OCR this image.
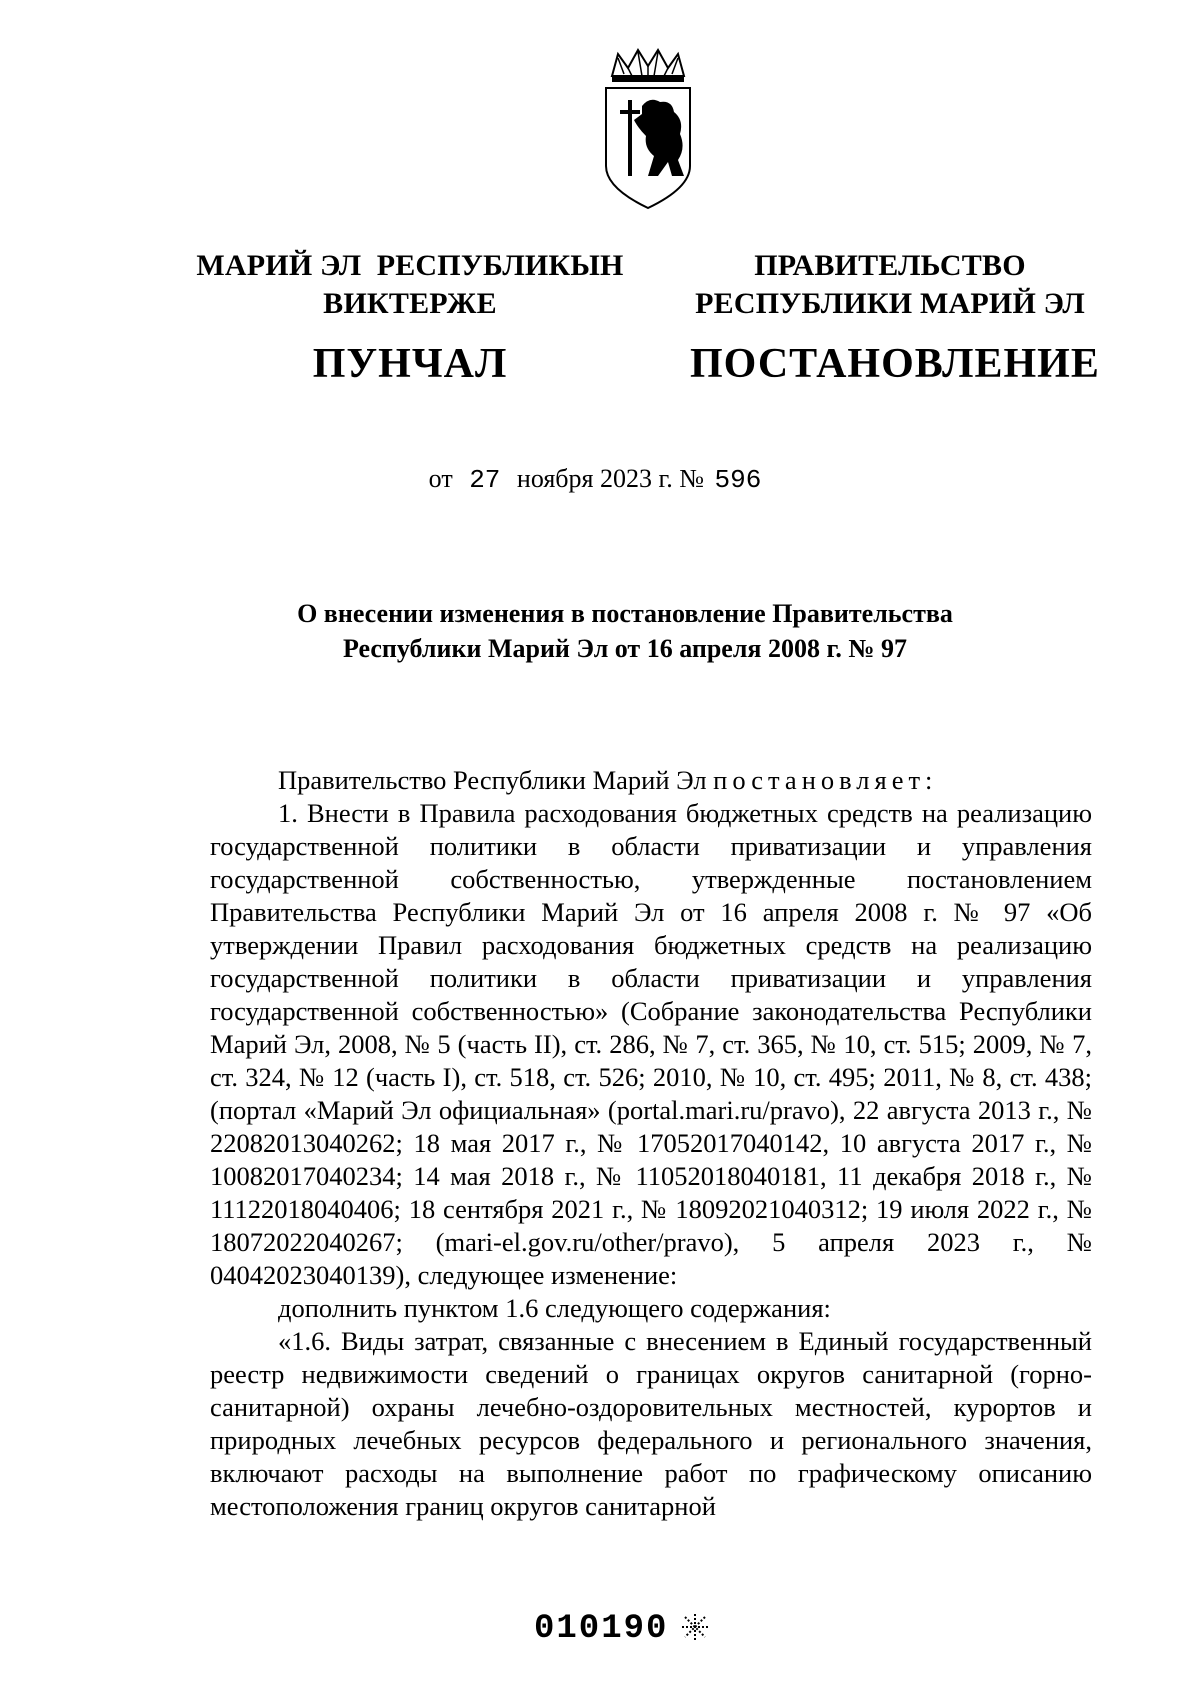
МАРИЙ ЭЛ  РЕСПУБЛИКЫН
ВИКТЕРЖЕ
ПУНЧАЛ
ПРАВИТЕЛЬСТВО
РЕСПУБЛИКИ МАРИЙ ЭЛ
ПОСТАНОВЛЕНИЕ
от 27 ноября 2023 г. № 596
О внесении изменения в постановление Правительства
Республики Марий Эл от 16 апреля 2008 г. № 97

Правительство Республики Марий Эл постановляет:

1. Внести в Правила расходования бюджетных средств на реализацию государственной политики в области приватизации и управления государственной собственностью, утвержденные постановлением Правительства Республики Марий Эл от 16 апреля 2008 г. № 97 «Об утверждении Правил расходования бюджетных средств на реализацию государственной политики в области приватизации и управления государственной собственностью» (Собрание законодательства Республики Марий Эл, 2008, № 5 (часть II), ст. 286, № 7, ст. 365, № 10, ст. 515; 2009, № 7, ст. 324, № 12 (часть I), ст. 518, ст. 526; 2010, № 10, ст. 495; 2011, № 8, ст. 438; (портал «Марий Эл официальная» (portal.mari.ru/pravo), 22 августа 2013 г., № 22082013040262; 18 мая 2017 г., № 17052017040142, 10 августа 2017 г., № 10082017040234; 14 мая 2018 г., № 11052018040181, 11 декабря 2018 г., № 11122018040406; 18 сентября 2021 г., № 18092021040312; 19 июля 2022 г., № 18072022040267; (mari-el.gov.ru/other/pravo), 5 апреля 2023 г., № 04042023040139), следующее изменение:

дополнить пунктом 1.6 следующего содержания:

«1.6. Виды затрат, связанные с внесением в Единый государственный реестр недвижимости сведений о границах округов санитарной (горно-санитарной) охраны лечебно-оздоровительных местностей, курортов и природных лечебных ресурсов федерального и регионального значения, включают расходы на выполнение работ по графическому описанию местоположения границ округов санитарной

010190
